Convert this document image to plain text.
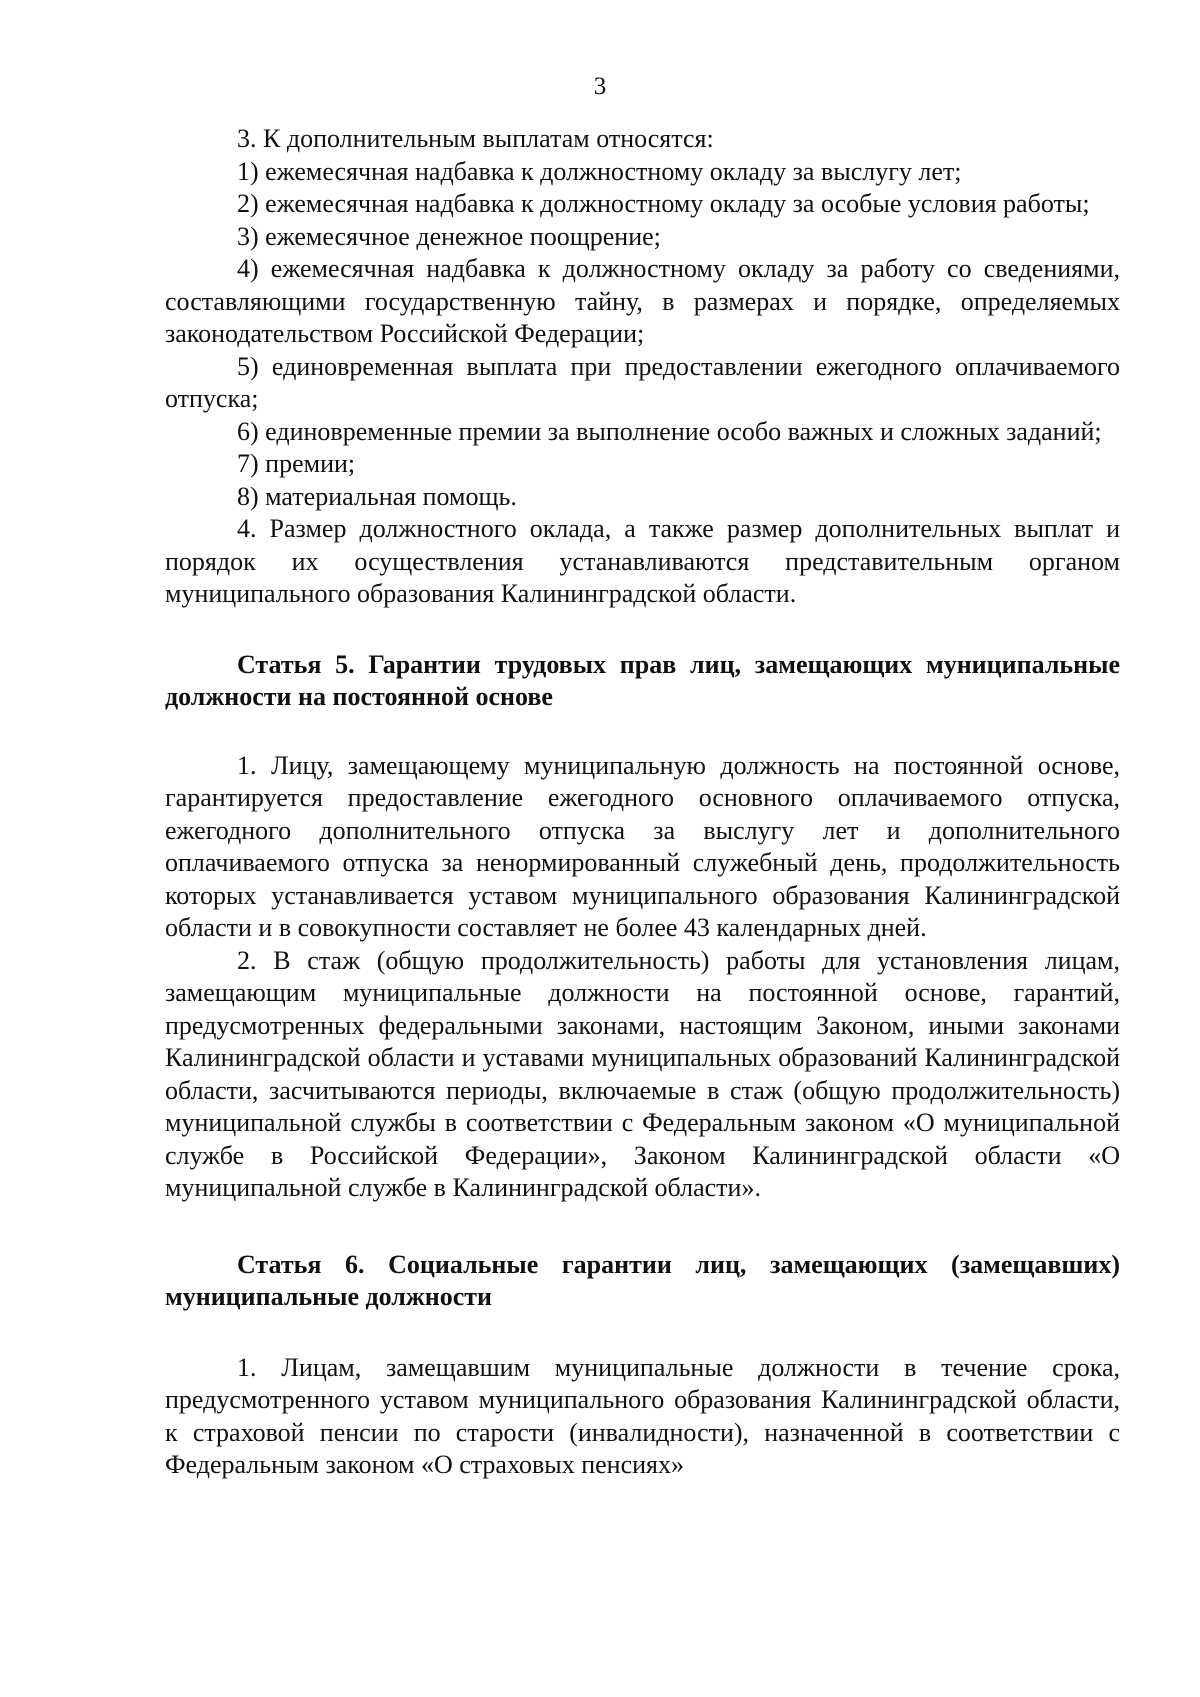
3

3. К дополнительным выплатам относятся:

1) ежемесячная надбавка к должностному окладу за выслугу лет;

2) ежемесячная надбавка к должностному окладу за особые условия работы;

3) ежемесячное денежное поощрение;

4) ежемесячная надбавка к должностному окладу за работу со сведениями, составляющими государственную тайну, в размерах и порядке, определяемых законодательством Российской Федерации;

5) единовременная выплата при предоставлении ежегодного оплачиваемого отпуска;

6) единовременные премии за выполнение особо важных и сложных заданий;

7) премии;

8) материальная помощь.

4. Размер должностного оклада, а также размер дополнительных выплат и порядок их осуществления устанавливаются представительным органом муниципального образования Калининградской области.

Статья 5. Гарантии трудовых прав лиц, замещающих муниципальные должности на постоянной основе

1. Лицу, замещающему муниципальную должность на постоянной основе, гарантируется предоставление ежегодного основного оплачиваемого отпуска, ежегодного дополнительного отпуска за выслугу лет и дополнительного оплачиваемого отпуска за ненормированный служебный день, продолжительность которых устанавливается уставом муниципального образования Калининградской области и в совокупности составляет не более 43 календарных дней.

2. В стаж (общую продолжительность) работы для установления лицам, замещающим муниципальные должности на постоянной основе, гарантий, предусмотренных федеральными законами, настоящим Законом, иными законами Калининградской области и уставами муниципальных образований Калининградской области, засчитываются периоды, включаемые в стаж (общую продолжительность) муниципальной службы в соответствии с Федеральным законом «О муниципальной службе в Российской Федерации», Законом Калининградской области «О муниципальной службе в Калининградской области».

Статья 6. Социальные гарантии лиц, замещающих (замещавших) муниципальные должности

1. Лицам, замещавшим муниципальные должности в течение срока, предусмотренного уставом муниципального образования Калининградской области, к страховой пенсии по старости (инвалидности), назначенной в соответствии с Федеральным законом «О страховых пенсиях»
